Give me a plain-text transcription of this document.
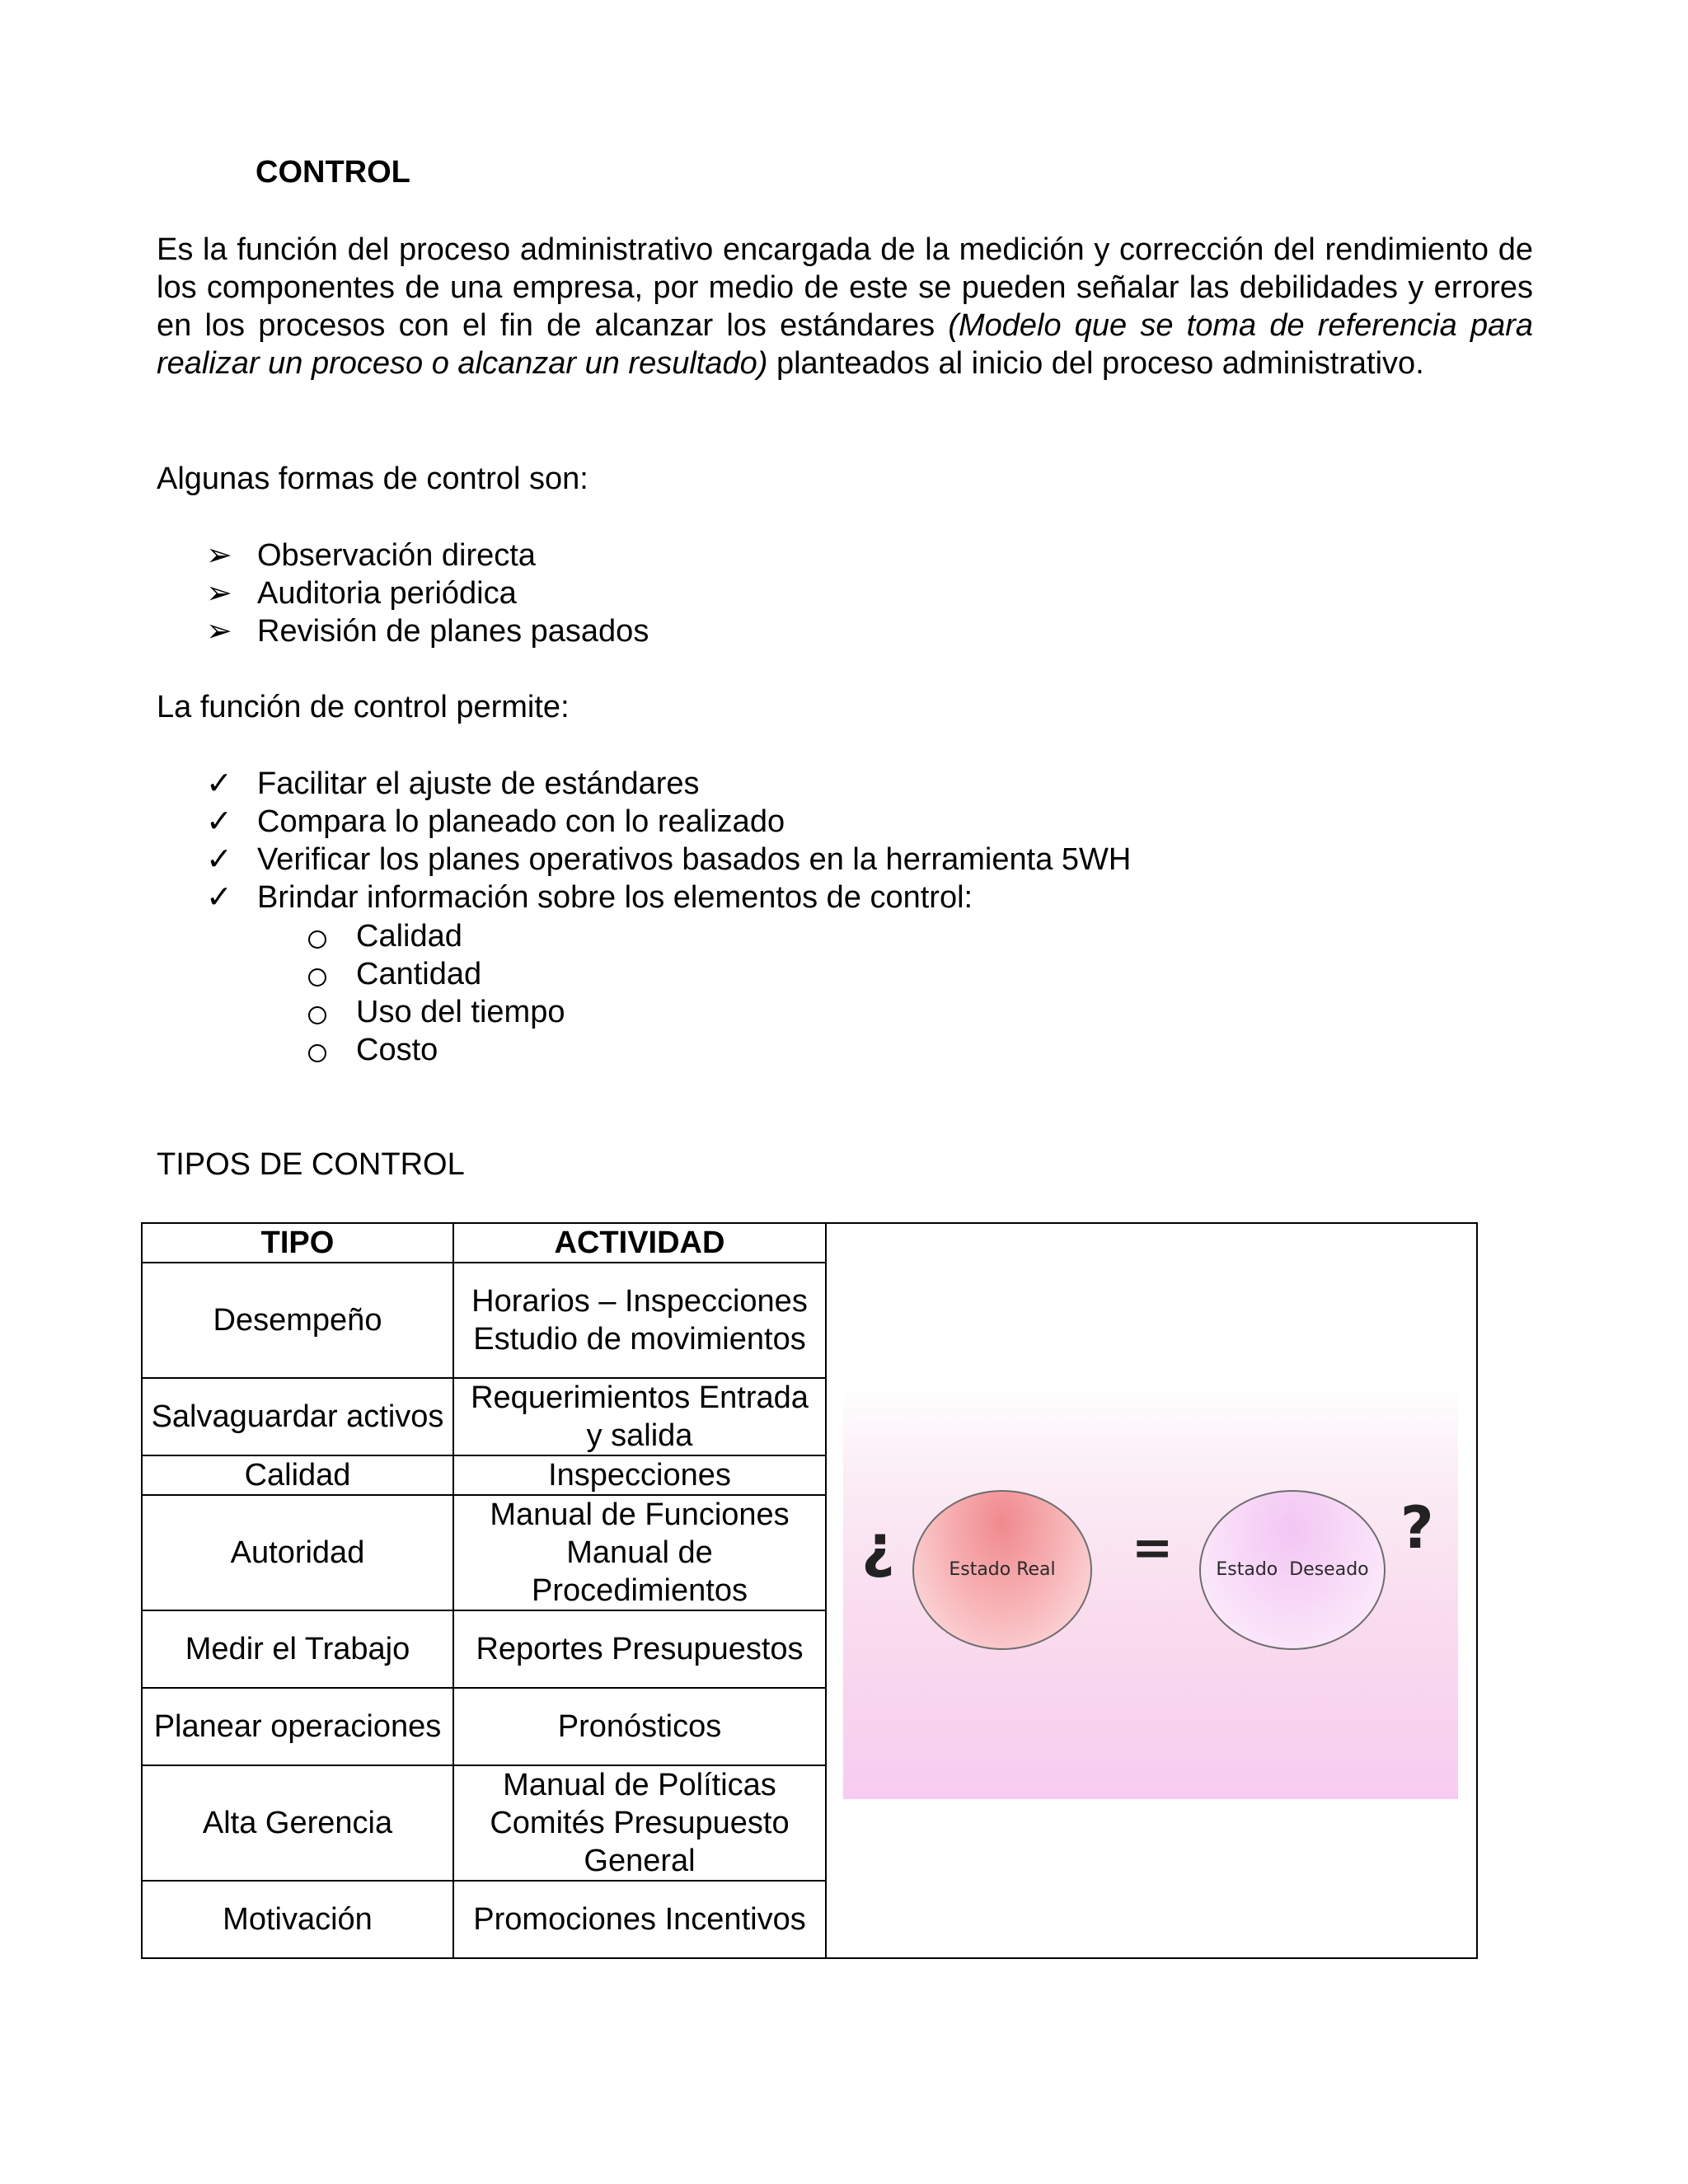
CONTROL

Es la función del proceso administrativo encargada de la medición y corrección del rendimiento de los componentes de una empresa, por medio de este se pueden señalar las debilidades y errores en los procesos con el fin de alcanzar los estándares (Modelo que se toma de referencia para realizar un proceso o alcanzar un resultado) planteados al inicio del proceso administrativo.

Algunas formas de control son:
➢ Observación directa
➢ Auditoria periódica
➢ Revisión de planes pasados
La función de control permite:
✓ Facilitar el ajuste de estándares
✓ Compara lo planeado con lo realizado
✓ Verificar los planes operativos basados en la herramienta 5WH
✓ Brindar información sobre los elementos de control:
Calidad
Cantidad
Uso del tiempo
Costo
TIPOS DE CONTROL
TIPO	ACTIVIDAD	¿ Estado Real = Estado  Deseado
?

Desempeño	Horarios – Inspecciones Estudio de movimientos	
Salvaguardar activos	Requerimientos Entrada y salida	
Calidad	Inspecciones	
Autoridad	Manual de Funciones Manual de Procedimientos	
Medir el Trabajo	Reportes Presupuestos	
Planear operaciones	Pronósticos	
Alta Gerencia	Manual de Políticas Comités Presupuesto General	
Motivación	Promociones Incentivos	
